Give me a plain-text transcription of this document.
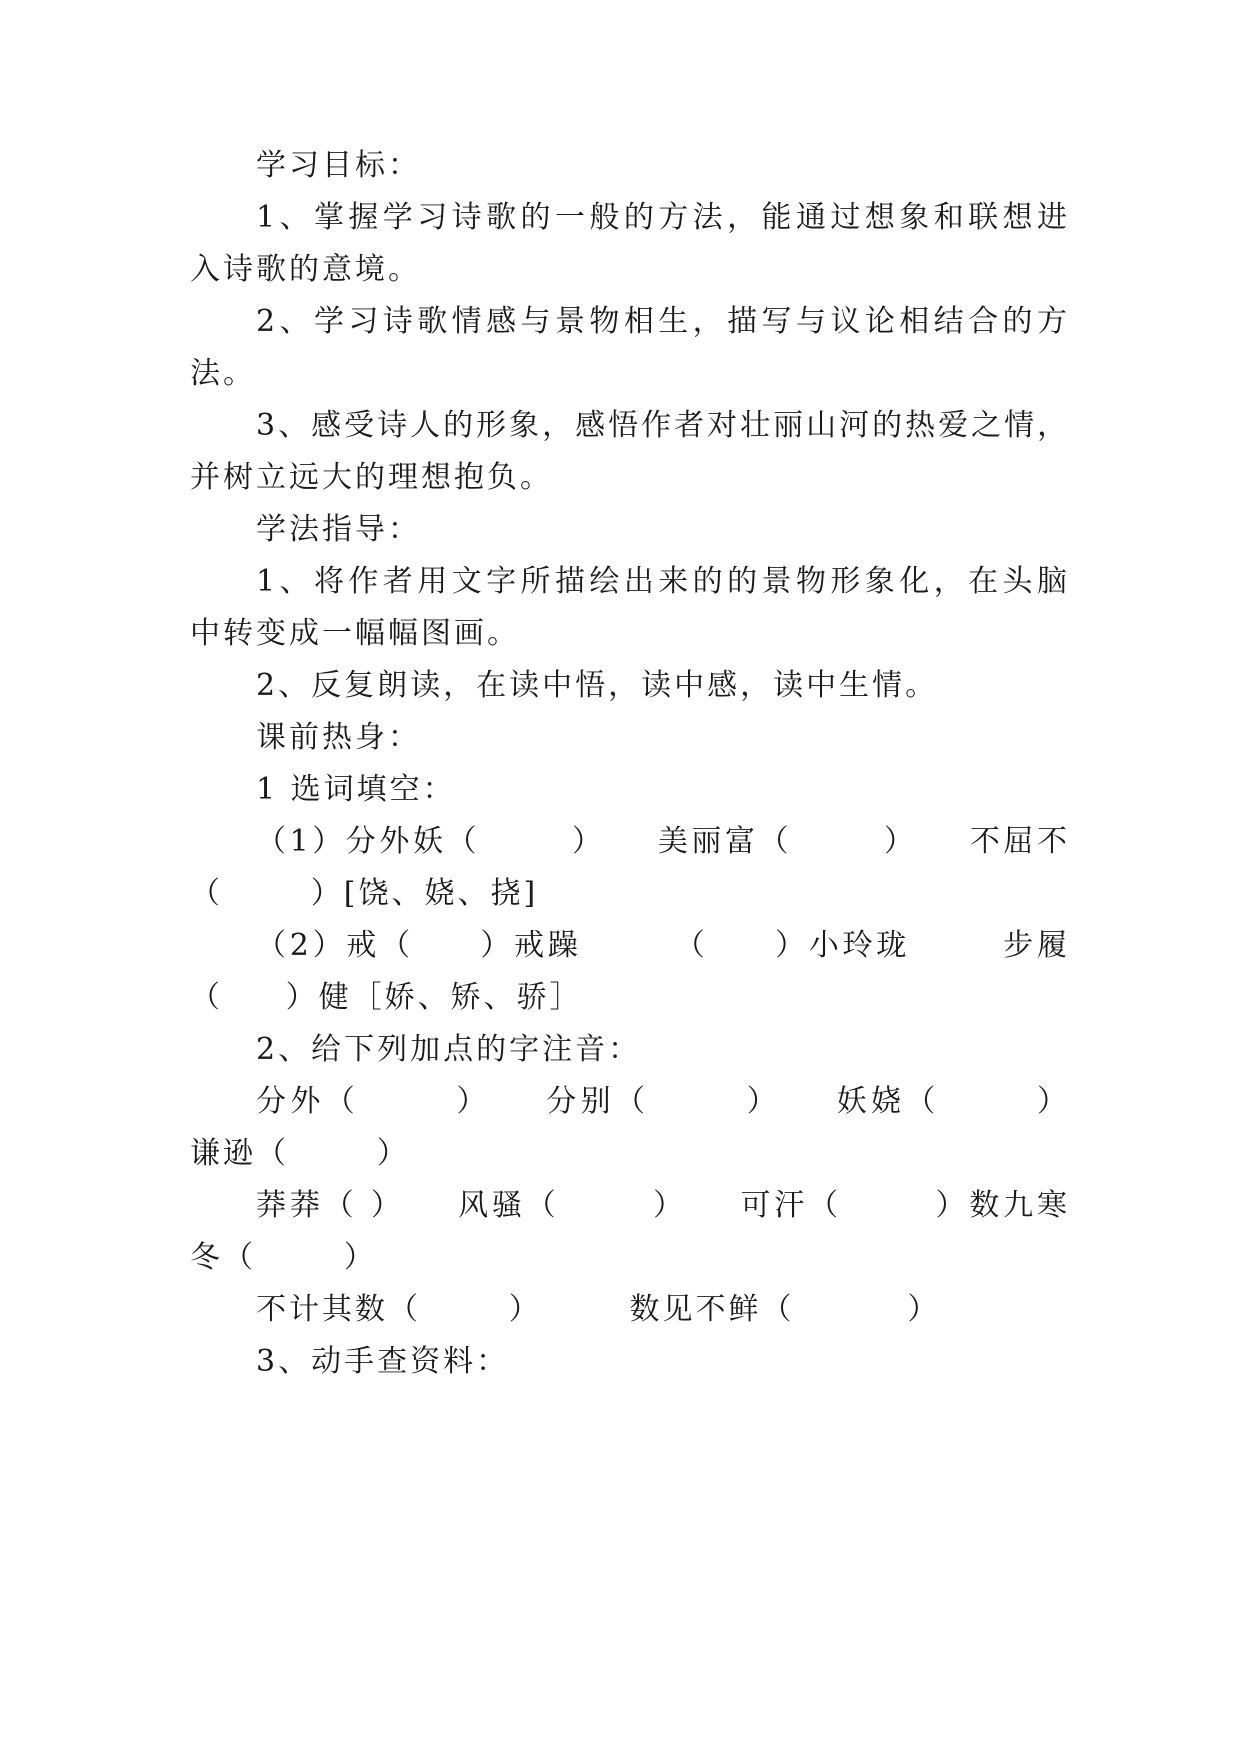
学习目标：
1、掌握学习诗歌的一般的方法，能通过想象和联想进
入诗歌的意境。
2、学习诗歌情感与景物相生，描写与议论相结合的方
法。
3、感受诗人的形象，感悟作者对壮丽山河的热爱之情，
并树立远大的理想抱负。
学法指导：
1、将作者用文字所描绘出来的的景物形象化，在头脑
中转变成一幅幅图画。
2、反复朗读，在读中悟，读中感，读中生情。
课前热身：
1 选词填空：
（1）分外妖（       ）    美丽富（       ）    不屈不
（       ）[饶、娆、挠]
（2）戒（     ）戒躁       （     ）小玲珑       步履
（     ）健［娇、矫、骄］
2、给下列加点的字注音：
分外（       ）    分别（       ）    妖娆（       ）
谦逊（       ）
莽莽（ ）    风骚（       ）    可汗（       ）数九寒
冬（       ）
不计其数（       ）       数见不鲜（         ）
3、动手查资料：
